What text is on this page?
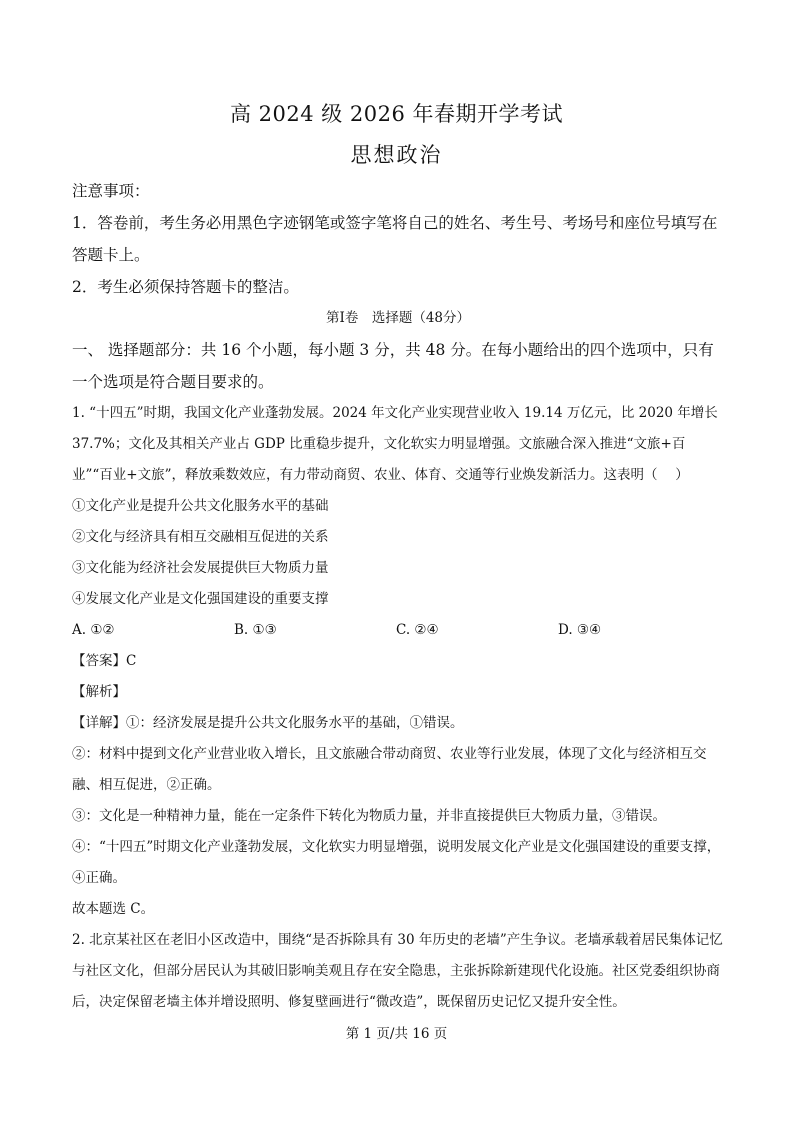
高 2024 级 2026 年春期开学考试
思想政治

注意事项：

1．答卷前，考生务必用黑色字迹钢笔或签字笔将自己的姓名、考生号、考场号和座位号填写在答题卡上。

2．考生必须保持答题卡的整洁。

第Ⅰ卷　选择题（48分）

一、 选择题部分：共 16 个小题，每小题 3 分，共 48 分。在每小题给出的四个选项中，只有一个选项是符合题目要求的。

1. “十四五”时期，我国文化产业蓬勃发展。2024 年文化产业实现营业收入 19.14 万亿元，比 2020 年增长 37.7%；文化及其相关产业占 GDP 比重稳步提升，文化软实力明显增强。文旅融合深入推进“文旅+百业”“百业+文旅”，释放乘数效应，有力带动商贸、农业、体育、交通等行业焕发新活力。这表明（　 ）

①文化产业是提升公共文化服务水平的基础

②文化与经济具有相互交融相互促进的关系

③文化能为经济社会发展提供巨大物质力量

④发展文化产业是文化强国建设的重要支撑

A. ①②	B. ①③	C. ②④	D. ③④

【答案】C

【解析】

【详解】①：经济发展是提升公共文化服务水平的基础，①错误。

②：材料中提到文化产业营业收入增长，且文旅融合带动商贸、农业等行业发展，体现了文化与经济相互交融、相互促进，②正确。

③：文化是一种精神力量，能在一定条件下转化为物质力量，并非直接提供巨大物质力量，③错误。

④：“十四五”时期文化产业蓬勃发展，文化软实力明显增强，说明发展文化产业是文化强国建设的重要支撑，④正确。

故本题选 C。

2. 北京某社区在老旧小区改造中，围绕“是否拆除具有 30 年历史的老墙”产生争议。老墙承载着居民集体记忆与社区文化，但部分居民认为其破旧影响美观且存在安全隐患，主张拆除新建现代化设施。社区党委组织协商后，决定保留老墙主体并增设照明、修复壁画进行“微改造”，既保留历史记忆又提升安全性。

第 1 页/共 16 页
